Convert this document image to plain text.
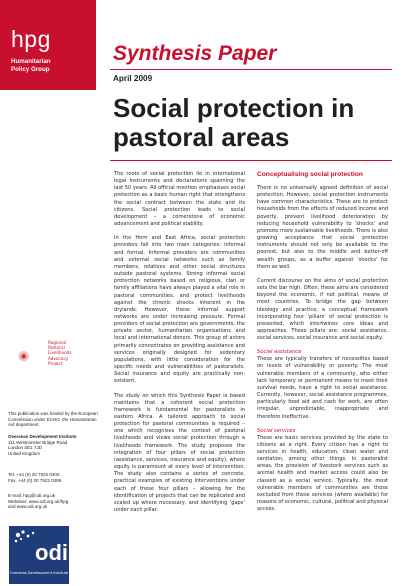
hpg
Humanitarian
Policy Group
Synthesis Paper
April 2009
Social protection in
pastoral areas
Regional
Pastoral
Livelihoods
Advocacy
Project
This publication was funded by the European Commission under ECHO, the Humanitarian Aid department.
Overseas Development Institute
111 Westminster Bridge Road
London SE1 7JD
United Kingdom
Tel. +44 (0) 20 7922 0300
Fax. +44 (0) 20 7922 0399
E-mail: hpg@odi.org.uk
Websites: www.odi.org.uk/hpg
and www.odi.org.uk
odi
Overseas Development Institute

The roots of social protection lie in international legal instruments and declarations spanning the last 50 years. All official mention emphasises social protection as a basic human right that strengthens the social contract between the state and its citizens. Social protection leads to social development – a cornerstone of economic advancement and political stability.

In the Horn and East Africa, social protection providers fall into two main categories: informal and formal. Informal providers are communities and external social networks such as family members, relatives and other social structures outside pastoral systems. Strong informal social protection networks based on religious, clan or family affiliations have always played a vital role in pastoral communities, and protect livelihoods against the chronic shocks inherent in the drylands. However, these informal support networks are under increasing pressure. Formal providers of social protection are governments, the private sector, humanitarian organisations and local and international donors. This group of actors primarily concentrates on providing assistance and services originally designed for sedentary populations, with little consideration for the specific needs and vulnerabilities of pastoralists. Social insurance and equity are practically non-existent.

The study on which this Synthesis Paper is based maintains that a coherent social protection framework is fundamental for pastoralists in eastern Africa. A tailored approach to social protection for pastoral communities is required – one which recognises the context of pastoral livelihoods and views social protection through a livelihoods framework. The study proposes the integration of four pillars of social protection (assistance, services, insurance and equity), where equity is paramount at every level of intervention. The study also contains a series of concrete, practical examples of existing interventions under each of these four pillars – allowing for the identification of projects that can be replicated and scaled up where necessary, and identifying ‘gaps’ under each pillar.

Conceptualising social protection

There is no universally agreed definition of social protection. However, social protection instruments have common characteristics. These are to protect households from the effects of reduced income and poverty, prevent livelihood deterioration by reducing household vulnerability to ‘shocks’ and promote more sustainable livelihoods. There is also growing acceptance that social protection instruments should not only be available to the poorest, but also to the middle and better-off wealth groups, as a buffer against ‘shocks’ for them as well.

Current discourse on the aims of social protection sets the bar high. Often, these aims are considered beyond the economic, if not political, means of most countries. To bridge the gap between ideology and practice, a conceptual framework incorporating four ‘pillars’ of social protection is presented, which intertwines core ideas and approaches. These pillars are: social assistance, social services, social insurance and social equity.

Social assistance

These are typically transfers of necessities based on levels of vulnerability or poverty. The most vulnerable members of a community, who either lack temporary or permanent means to meet their survival needs, have a right to social assistance. Currently, however, social assistance programmes, particularly food aid and cash for work, are often irregular, unpredictable, inappropriate and therefore ineffective.

Social services

These are basic services provided by the state to citizens as a right. Every citizen has a right to services in health, education, clean water and sanitation, among other things. In pastoralist areas, the provision of livestock services such as animal health and market access could also be classed as a social service. Typically, the most vulnerable members of communities are those excluded from these services (where available) for reasons of economic, cultural, political and physical access.
